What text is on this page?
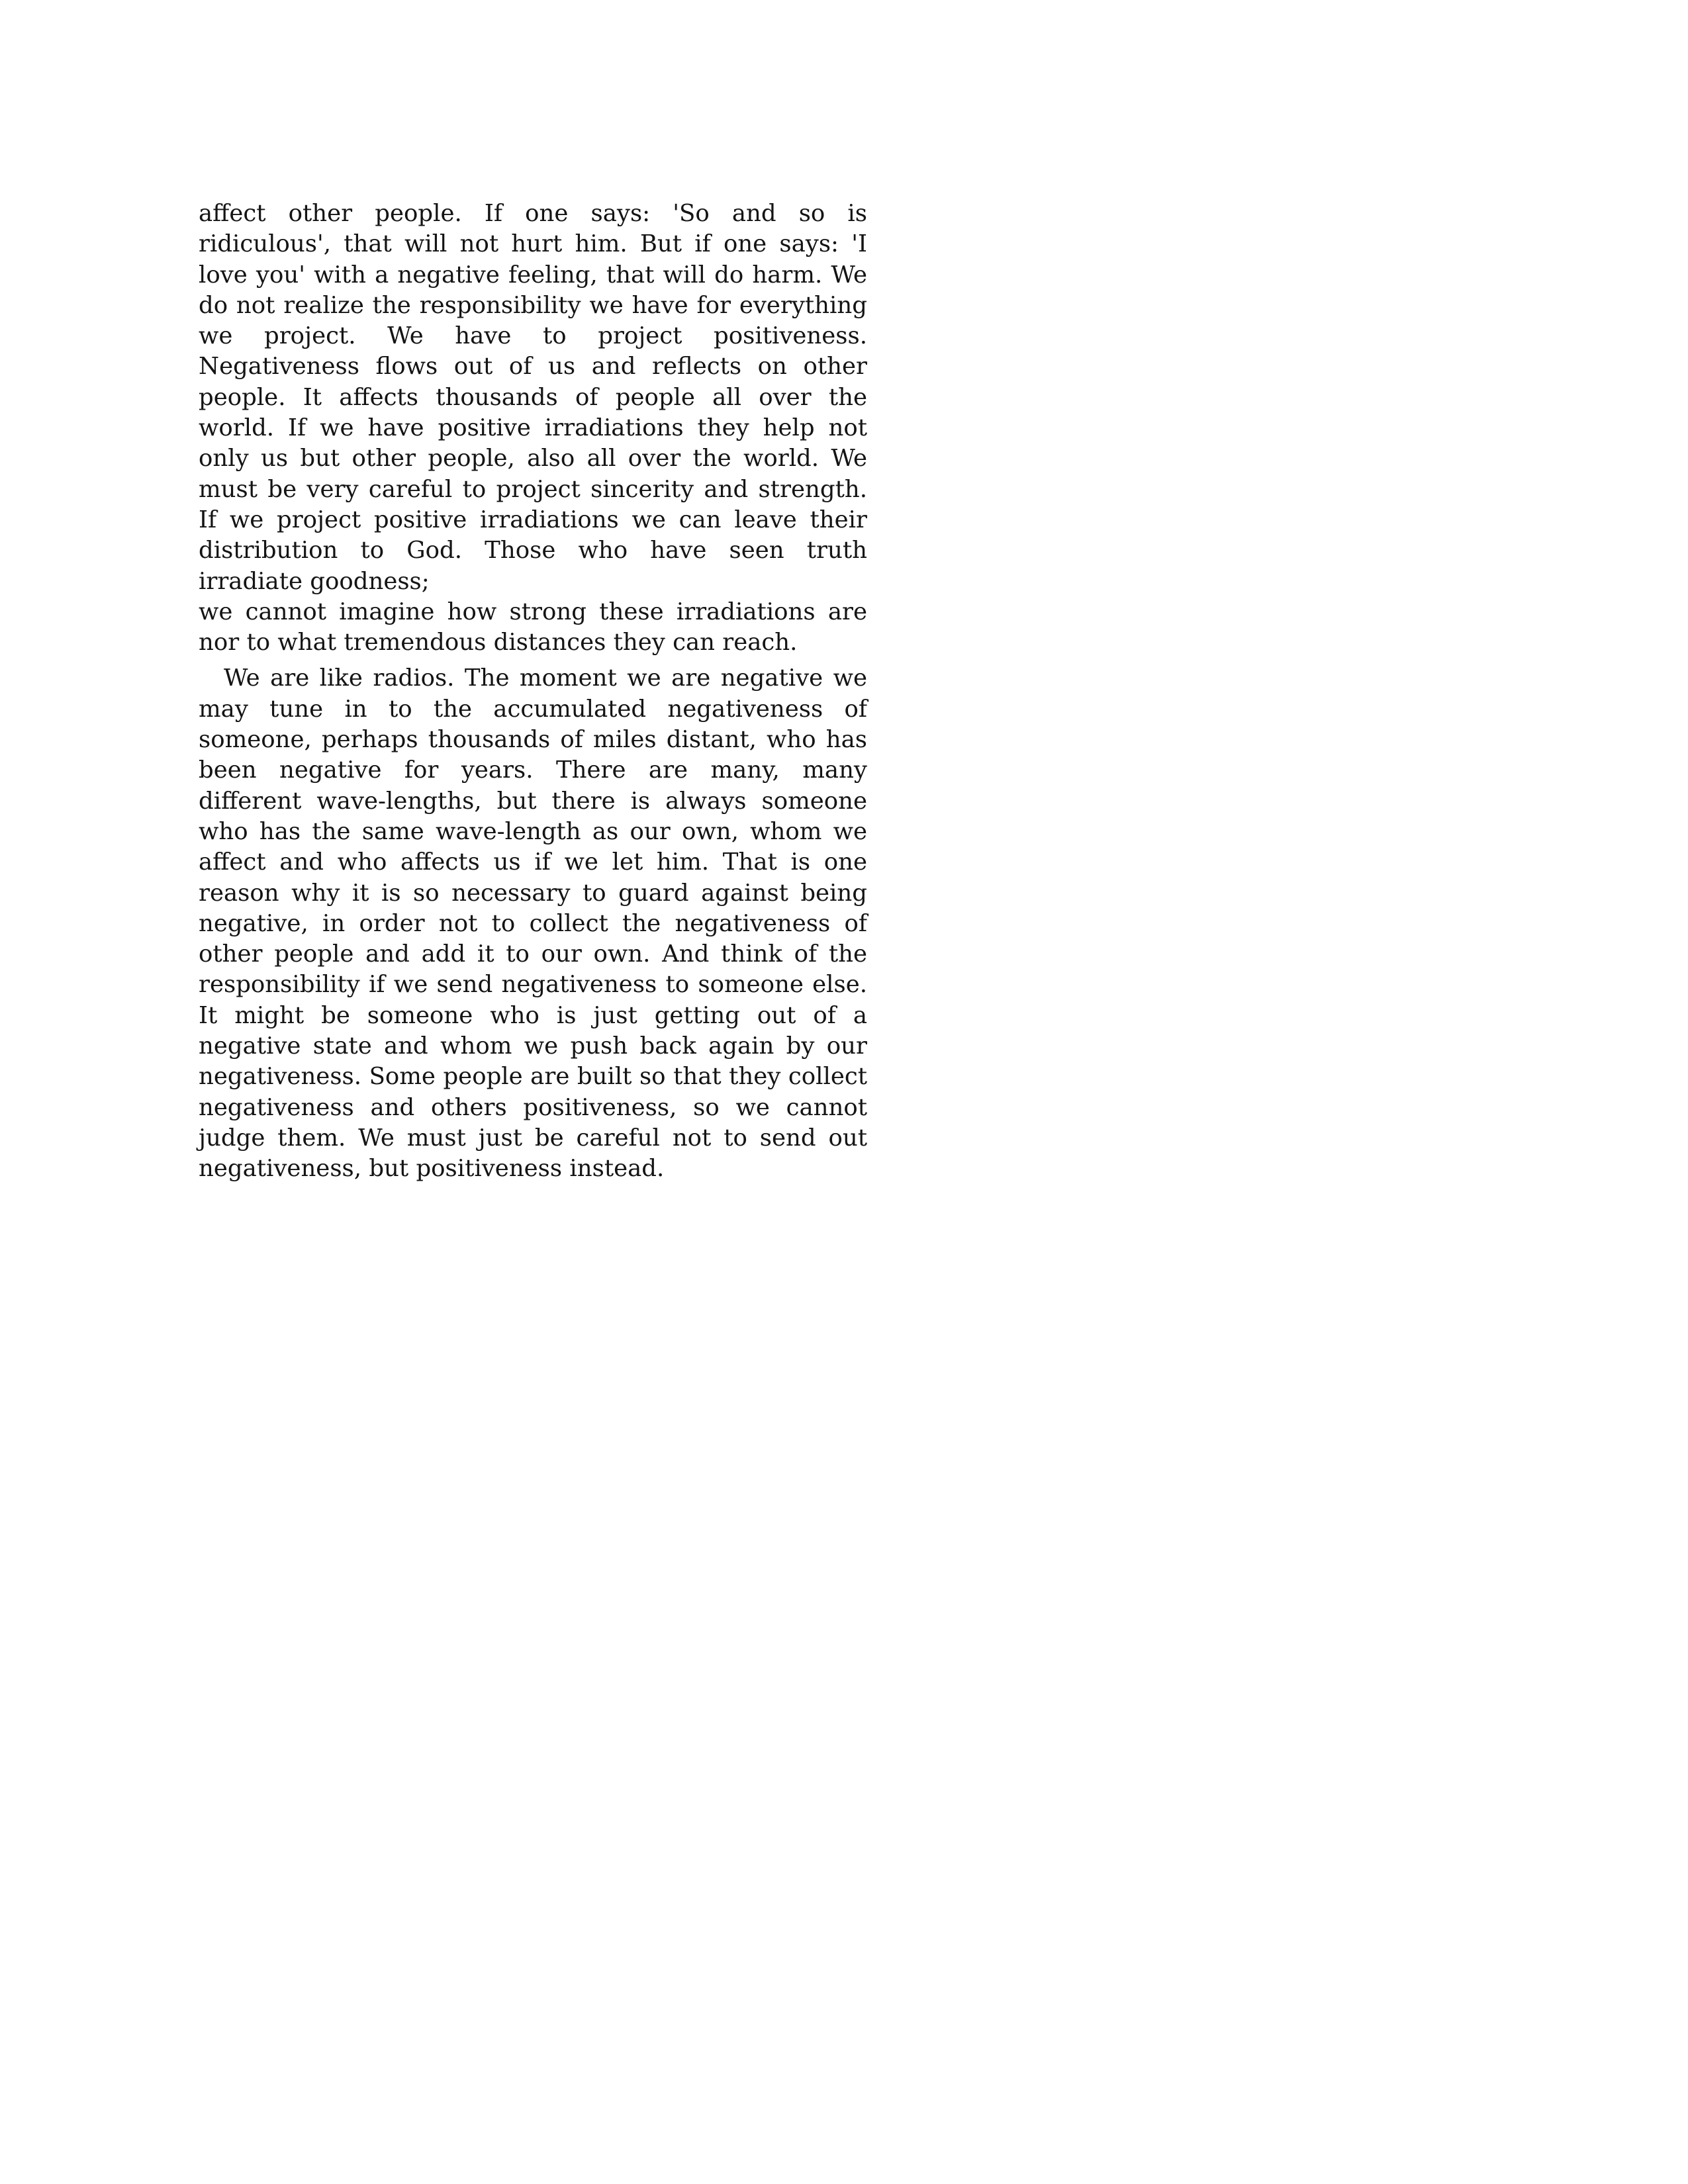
affect other people. If one says: 'So and so is ridiculous', that will not hurt him. But if one says: 'I love you' with a negative feeling, that will do harm. We do not realize the responsibility we have for everything we project. We have to project positiveness. Negativeness flows out of us and reflects on other people. It affects thousands of people all over the world. If we have positive irradiations they help not only us but other people, also all over the world. We must be very careful to project sincerity and strength. If we project positive irradiations we can leave their distribution to God. Those who have seen truth irradiate goodness;

we cannot imagine how strong these irradiations are nor to what tremendous distances they can reach.

We are like radios. The moment we are negative we may tune in to the accumulated negativeness of someone, perhaps thousands of miles distant, who has been negative for years. There are many, many different wave-lengths, but there is always someone who has the same wave-length as our own, whom we affect and who affects us if we let him. That is one reason why it is so necessary to guard against being negative, in order not to collect the negativeness of other people and add it to our own. And think of the responsibility if we send negativeness to someone else. It might be someone who is just getting out of a negative state and whom we push back again by our negativeness. Some people are built so that they collect negativeness and others positiveness, so we cannot judge them. We must just be careful not to send out negativeness, but positiveness instead.
